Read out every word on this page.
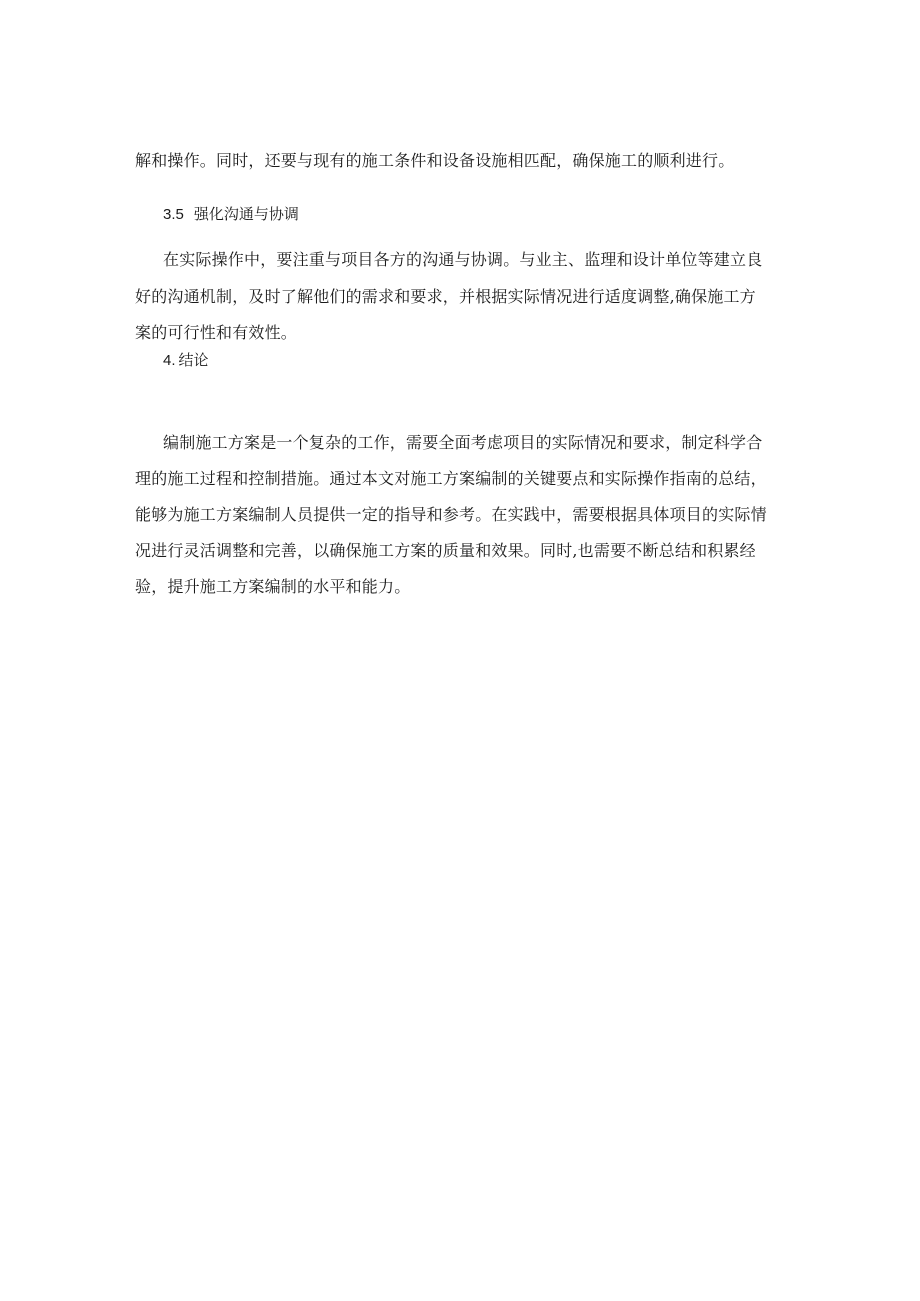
解和操作。同时，还要与现有的施工条件和设备设施相匹配，确保施工的顺利进行。
3.5 强化沟通与协调
在实际操作中，要注重与项目各方的沟通与协调。与业主、监理和设计单位等建立良
好的沟通机制，及时了解他们的需求和要求，并根据实际情况进行适度调整,确保施工方
案的可行性和有效性。
4. 结论
编制施工方案是一个复杂的工作，需要全面考虑项目的实际情况和要求，制定科学合
理的施工过程和控制措施。通过本文对施工方案编制的关键要点和实际操作指南的总结，
能够为施工方案编制人员提供一定的指导和参考。在实践中，需要根据具体项目的实际情
况进行灵活调整和完善，以确保施工方案的质量和效果。同时,也需要不断总结和积累经
验，提升施工方案编制的水平和能力。
